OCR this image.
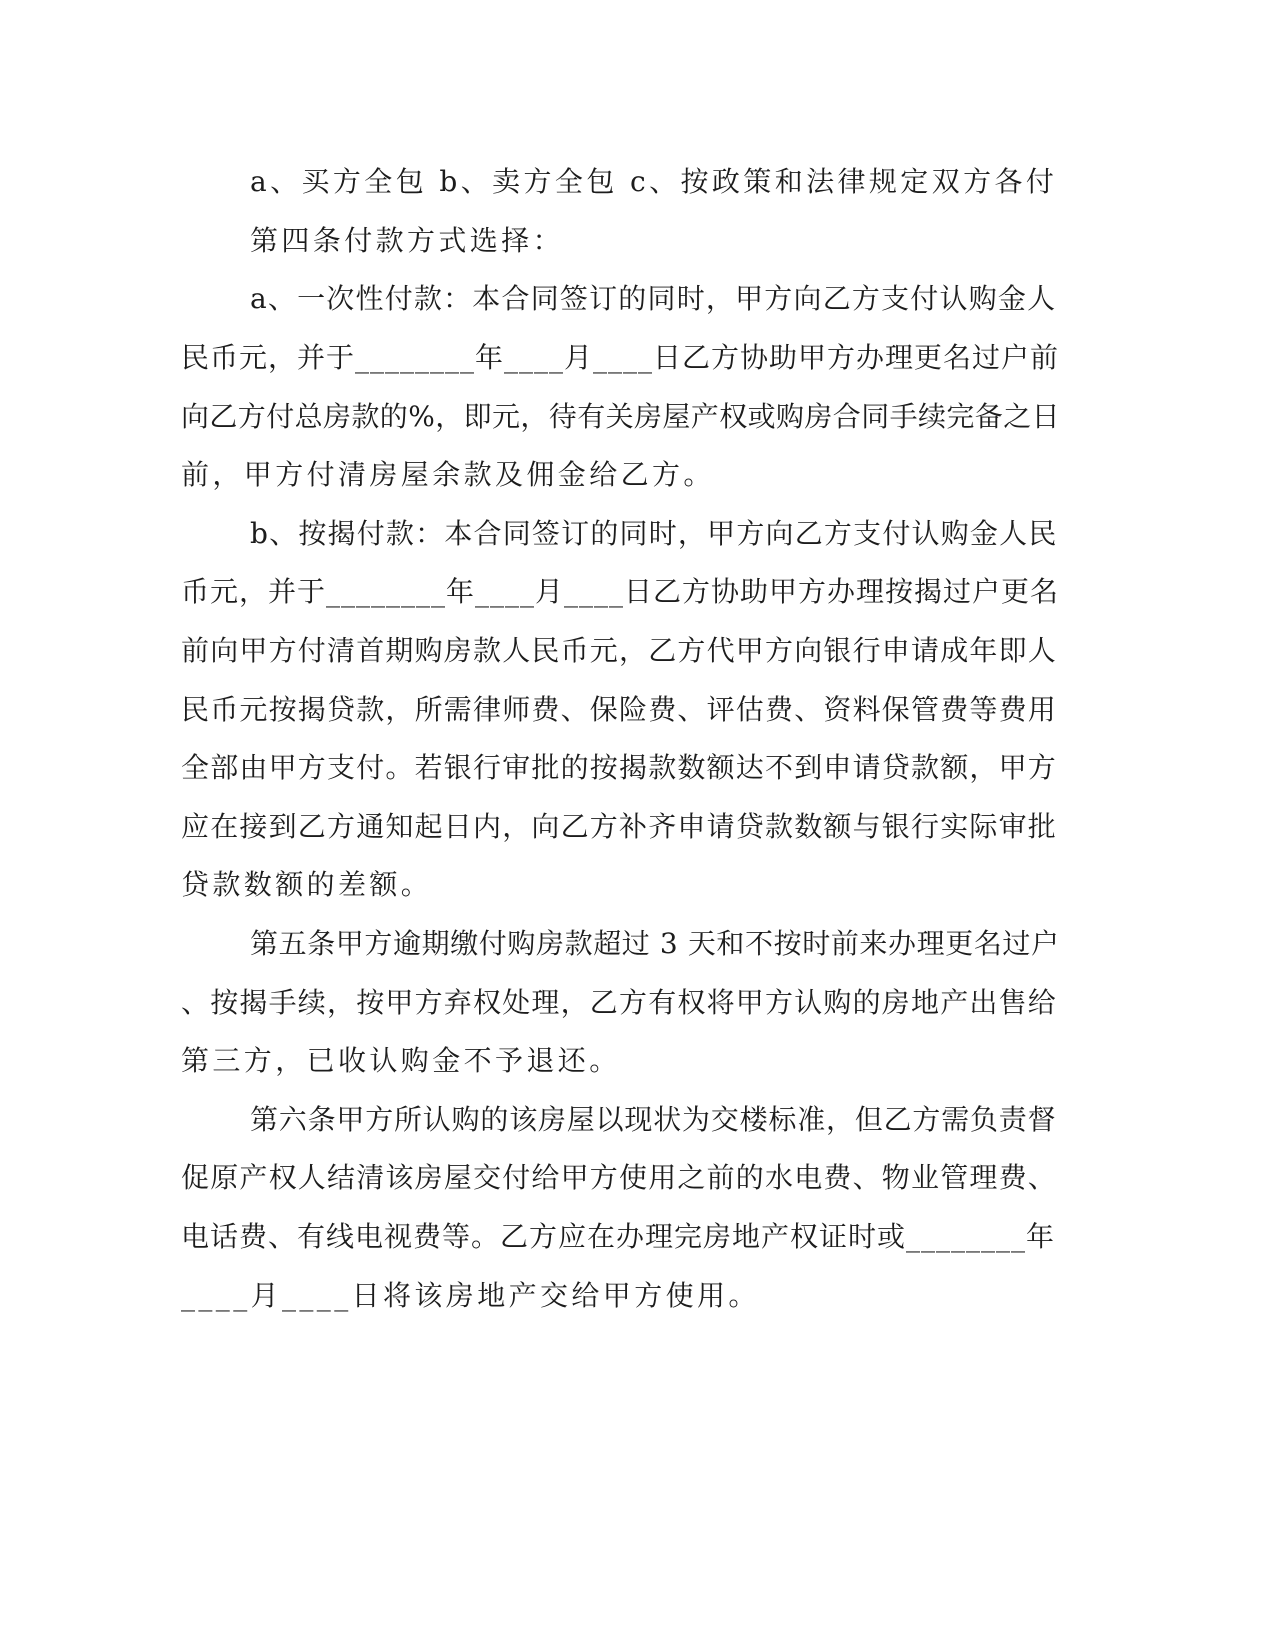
a、买方全包 b、卖方全包 c、按政策和法律规定双方各付

第四条付款方式选择：

a、一次性付款：本合同签订的同时，甲方向乙方支付认购金人

民币元，并于________年____月____日乙方协助甲方办理更名过户前

向乙方付总房款的%，即元，待有关房屋产权或购房合同手续完备之日

前，甲方付清房屋余款及佣金给乙方。

b、按揭付款：本合同签订的同时，甲方向乙方支付认购金人民

币元，并于________年____月____日乙方协助甲方办理按揭过户更名

前向甲方付清首期购房款人民币元，乙方代甲方向银行申请成年即人

民币元按揭贷款，所需律师费、保险费、评估费、资料保管费等费用

全部由甲方支付。若银行审批的按揭款数额达不到申请贷款额，甲方

应在接到乙方通知起日内，向乙方补齐申请贷款数额与银行实际审批

贷款数额的差额。

第五条甲方逾期缴付购房款超过 3 天和不按时前来办理更名过户

、按揭手续，按甲方弃权处理，乙方有权将甲方认购的房地产出售给

第三方，已收认购金不予退还。

第六条甲方所认购的该房屋以现状为交楼标准，但乙方需负责督

促原产权人结清该房屋交付给甲方使用之前的水电费、物业管理费、

电话费、有线电视费等。乙方应在办理完房地产权证时或________年

____月____日将该房地产交给甲方使用。
